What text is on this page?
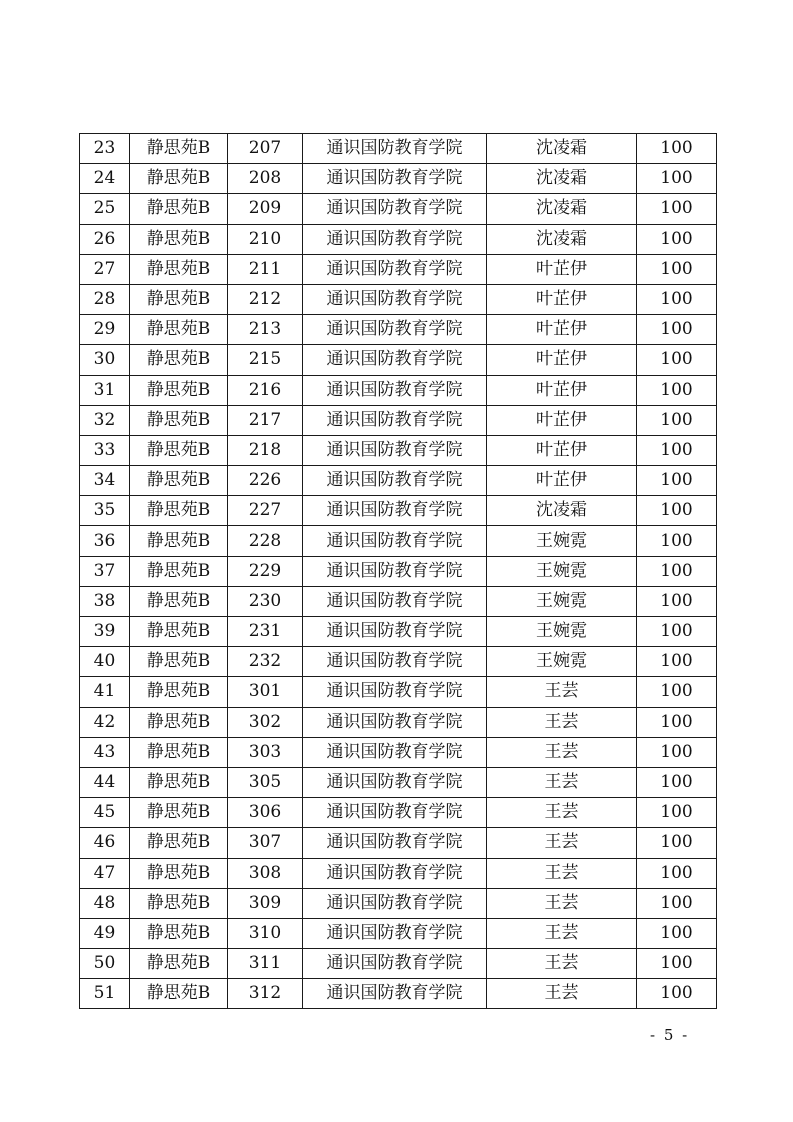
23	静思苑B	207	通识国防教育学院	沈凌霜	100
24	静思苑B	208	通识国防教育学院	沈凌霜	100
25	静思苑B	209	通识国防教育学院	沈凌霜	100
26	静思苑B	210	通识国防教育学院	沈凌霜	100
27	静思苑B	211	通识国防教育学院	叶芷伊	100
28	静思苑B	212	通识国防教育学院	叶芷伊	100
29	静思苑B	213	通识国防教育学院	叶芷伊	100
30	静思苑B	215	通识国防教育学院	叶芷伊	100
31	静思苑B	216	通识国防教育学院	叶芷伊	100
32	静思苑B	217	通识国防教育学院	叶芷伊	100
33	静思苑B	218	通识国防教育学院	叶芷伊	100
34	静思苑B	226	通识国防教育学院	叶芷伊	100
35	静思苑B	227	通识国防教育学院	沈凌霜	100
36	静思苑B	228	通识国防教育学院	王婉霓	100
37	静思苑B	229	通识国防教育学院	王婉霓	100
38	静思苑B	230	通识国防教育学院	王婉霓	100
39	静思苑B	231	通识国防教育学院	王婉霓	100
40	静思苑B	232	通识国防教育学院	王婉霓	100
41	静思苑B	301	通识国防教育学院	王芸	100
42	静思苑B	302	通识国防教育学院	王芸	100
43	静思苑B	303	通识国防教育学院	王芸	100
44	静思苑B	305	通识国防教育学院	王芸	100
45	静思苑B	306	通识国防教育学院	王芸	100
46	静思苑B	307	通识国防教育学院	王芸	100
47	静思苑B	308	通识国防教育学院	王芸	100
48	静思苑B	309	通识国防教育学院	王芸	100
49	静思苑B	310	通识国防教育学院	王芸	100
50	静思苑B	311	通识国防教育学院	王芸	100
51	静思苑B	312	通识国防教育学院	王芸	100
- 5 -
